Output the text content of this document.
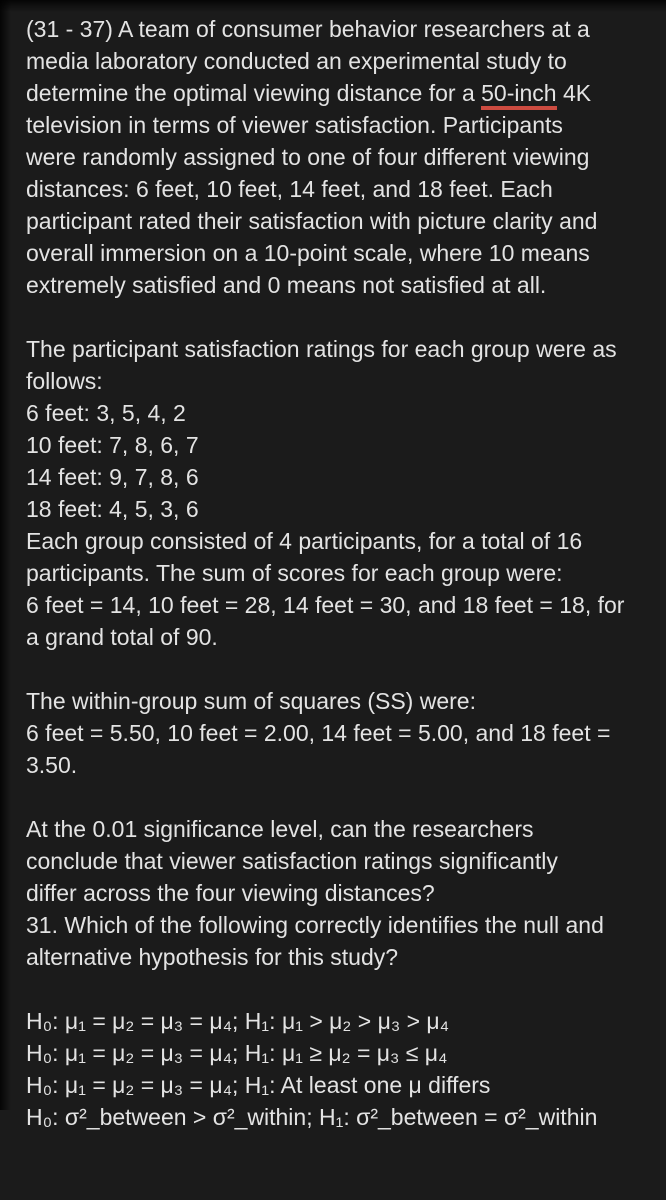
(31 - 37) A team of consumer behavior researchers at a
media laboratory conducted an experimental study to
determine the optimal viewing distance for a 50-inch 4K
television in terms of viewer satisfaction. Participants
were randomly assigned to one of four different viewing
distances: 6 feet, 10 feet, 14 feet, and 18 feet. Each
participant rated their satisfaction with picture clarity and
overall immersion on a 10-point scale, where 10 means
extremely satisfied and 0 means not satisfied at all.
The participant satisfaction ratings for each group were as
follows:
6 feet: 3, 5, 4, 2
10 feet: 7, 8, 6, 7
14 feet: 9, 7, 8, 6
18 feet: 4, 5, 3, 6
Each group consisted of 4 participants, for a total of 16
participants. The sum of scores for each group were:
6 feet = 14, 10 feet = 28, 14 feet = 30, and 18 feet = 18, for
a grand total of 90.
The within-group sum of squares (SS) were:
6 feet = 5.50, 10 feet = 2.00, 14 feet = 5.00, and 18 feet =
3.50.
At the 0.01 significance level, can the researchers
conclude that viewer satisfaction ratings significantly
differ across the four viewing distances?
31. Which of the following correctly identifies the null and
alternative hypothesis for this study?
H₀: μ₁ = μ₂ = μ₃ = μ₄; H₁: μ₁ > μ₂ > μ₃ > μ₄
H₀: μ₁ = μ₂ = μ₃ = μ₄; H₁: μ₁ ≥ μ₂ = μ₃ ≤ μ₄
H₀: μ₁ = μ₂ = μ₃ = μ₄; H₁: At least one μ differs
H₀: σ²_between > σ²_within; H₁: σ²_between = σ²_within
